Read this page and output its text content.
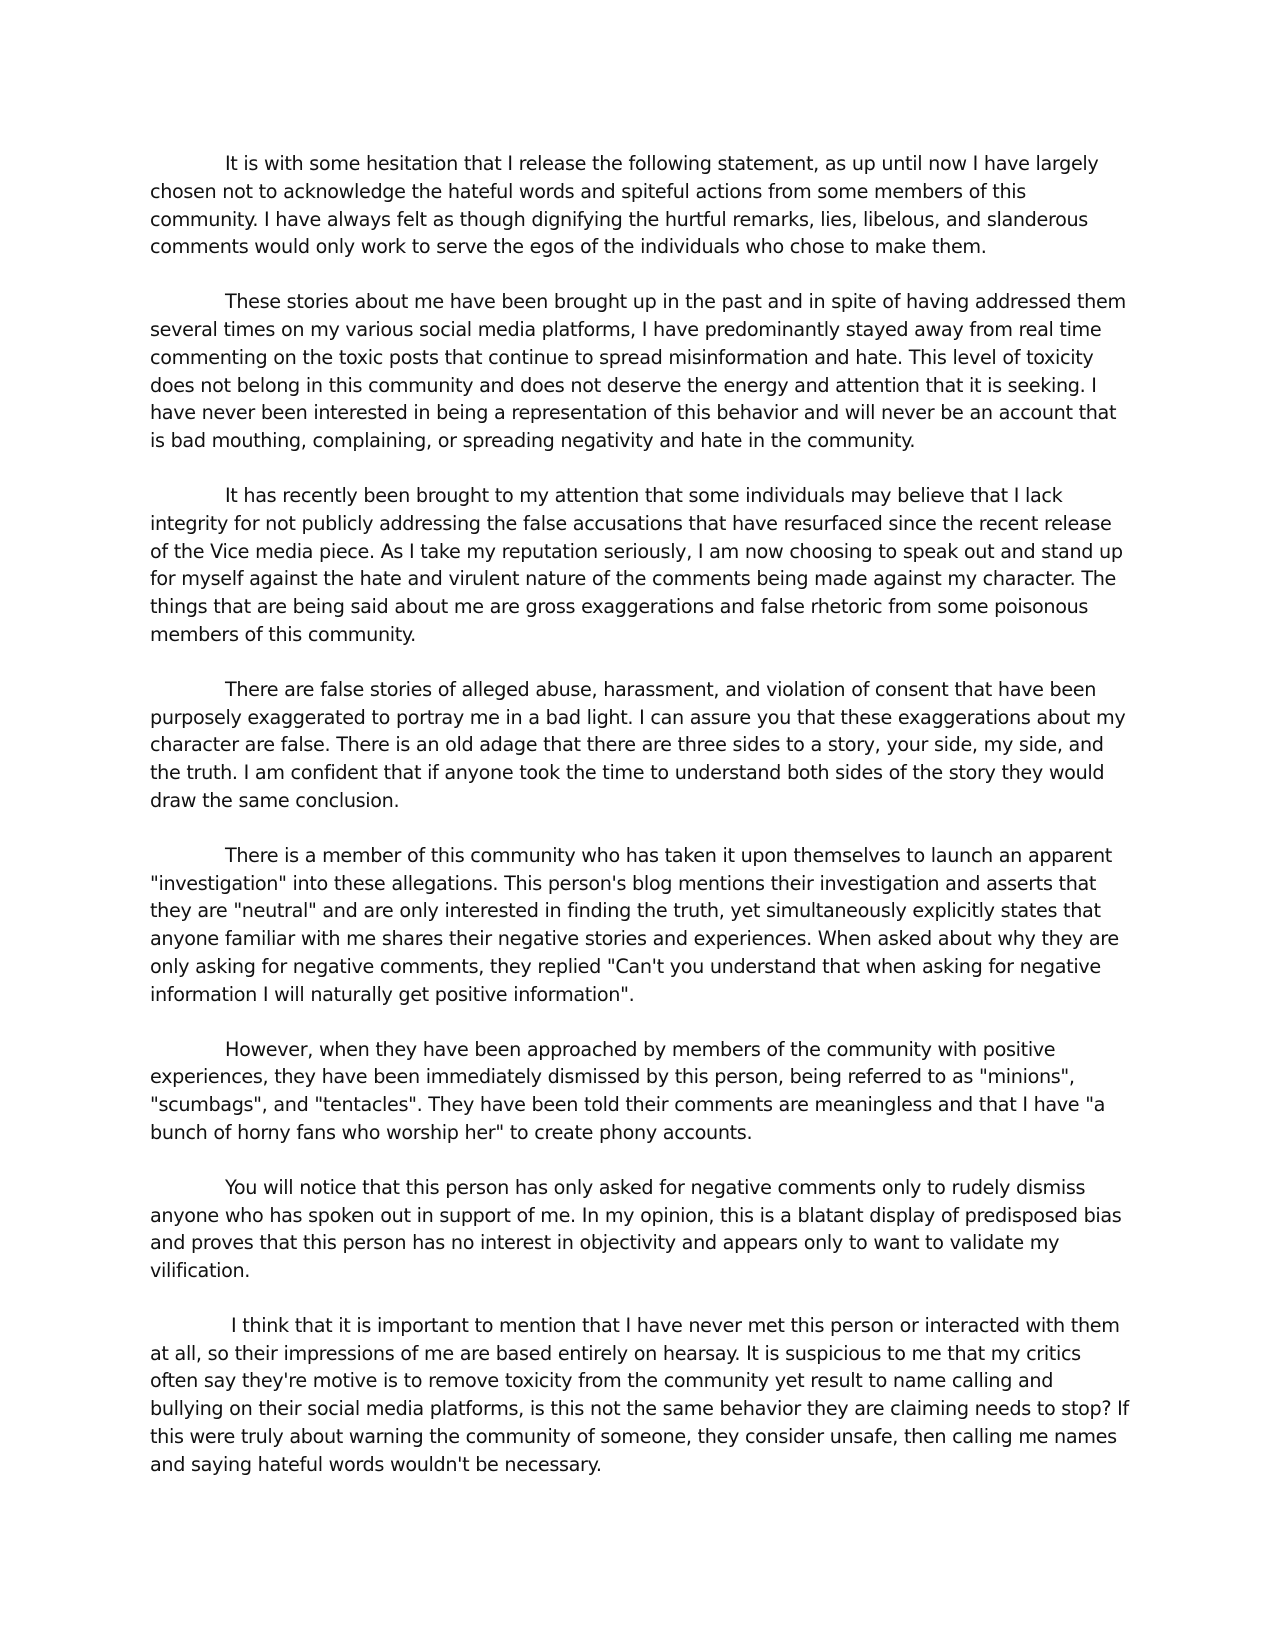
It is with some hesitation that I release the following statement, as up until now I have largely chosen not to acknowledge the hateful words and spiteful actions from some members of this community. I have always felt as though dignifying the hurtful remarks, lies, libelous, and slanderous comments would only work to serve the egos of the individuals who chose to make them.

These stories about me have been brought up in the past and in spite of having addressed them several times on my various social media platforms, I have predominantly stayed away from real time commenting on the toxic posts that continue to spread misinformation and hate. This level of toxicity does not belong in this community and does not deserve the energy and attention that it is seeking. I have never been interested in being a representation of this behavior and will never be an account that is bad mouthing, complaining, or spreading negativity and hate in the community.

It has recently been brought to my attention that some individuals may believe that I lack integrity for not publicly addressing the false accusations that have resurfaced since the recent release of the Vice media piece. As I take my reputation seriously, I am now choosing to speak out and stand up for myself against the hate and virulent nature of the comments being made against my character. The things that are being said about me are gross exaggerations and false rhetoric from some poisonous members of this community.

There are false stories of alleged abuse, harassment, and violation of consent that have been purposely exaggerated to portray me in a bad light. I can assure you that these exaggerations about my character are false. There is an old adage that there are three sides to a story, your side, my side, and the truth. I am confident that if anyone took the time to understand both sides of the story they would draw the same conclusion.

There is a member of this community who has taken it upon themselves to launch an apparent "investigation" into these allegations. This person's blog mentions their investigation and asserts that they are "neutral" and are only interested in finding the truth, yet simultaneously explicitly states that anyone familiar with me shares their negative stories and experiences. When asked about why they are only asking for negative comments, they replied "Can't you understand that when asking for negative information I will naturally get positive information".

However, when they have been approached by members of the community with positive experiences, they have been immediately dismissed by this person, being referred to as "minions", "scumbags", and "tentacles". They have been told their comments are meaningless and that I have "a bunch of horny fans who worship her" to create phony accounts.

You will notice that this person has only asked for negative comments only to rudely dismiss anyone who has spoken out in support of me. In my opinion, this is a blatant display of predisposed bias and proves that this person has no interest in objectivity and appears only to want to validate my vilification.

I think that it is important to mention that I have never met this person or interacted with them at all, so their impressions of me are based entirely on hearsay. It is suspicious to me that my critics often say they're motive is to remove toxicity from the community yet result to name calling and bullying on their social media platforms, is this not the same behavior they are claiming needs to stop? If this were truly about warning the community of someone, they consider unsafe, then calling me names and saying hateful words wouldn't be necessary.
